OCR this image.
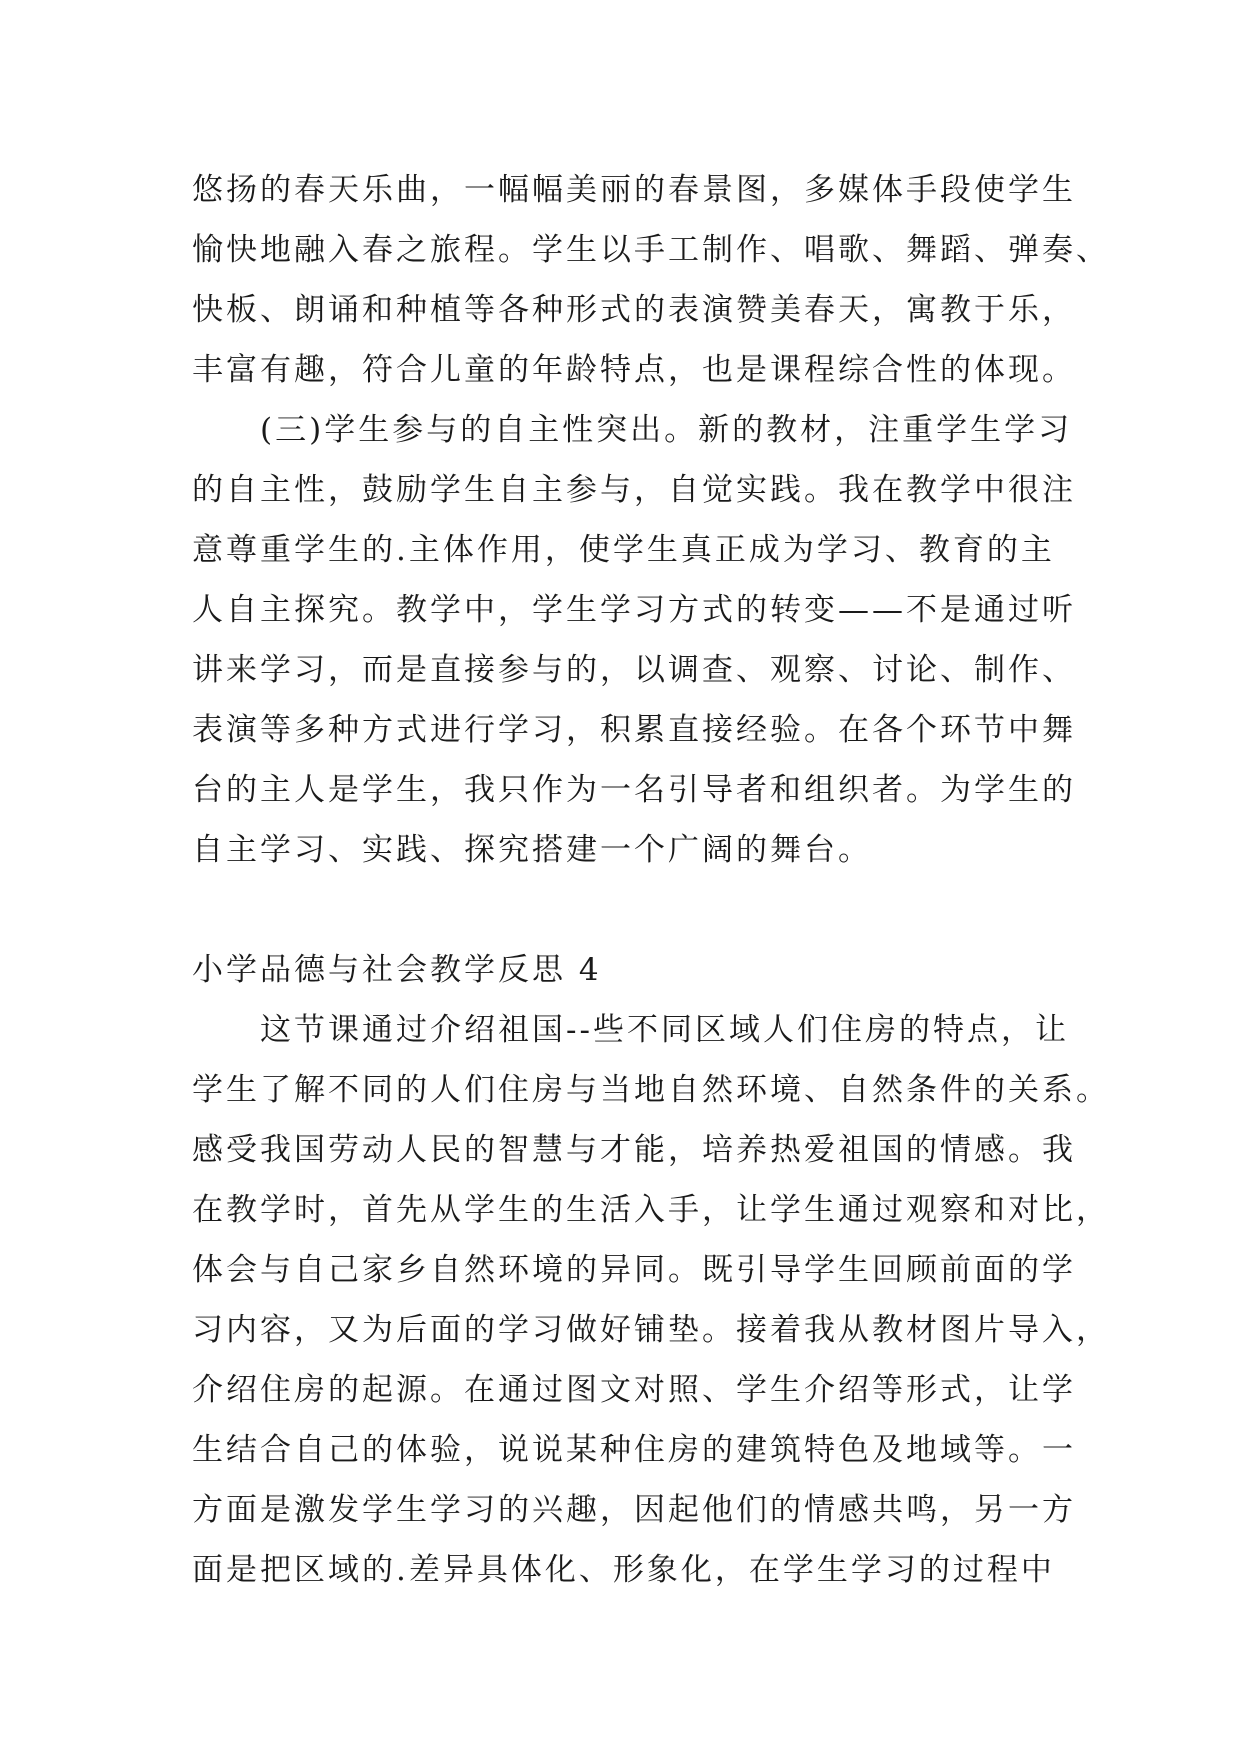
悠扬的春天乐曲，一幅幅美丽的春景图，多媒体手段使学生
愉快地融入春之旅程。学生以手工制作、唱歌、舞蹈、弹奏、
快板、朗诵和种植等各种形式的表演赞美春天，寓教于乐，
丰富有趣，符合儿童的年龄特点，也是课程综合性的体现。
　　(三)学生参与的自主性突出。新的教材，注重学生学习
的自主性，鼓励学生自主参与，自觉实践。我在教学中很注
意尊重学生的.主体作用，使学生真正成为学习、教育的主
人自主探究。教学中，学生学习方式的转变——不是通过听
讲来学习，而是直接参与的，以调查、观察、讨论、制作、
表演等多种方式进行学习，积累直接经验。在各个环节中舞
台的主人是学生，我只作为一名引导者和组织者。为学生的
自主学习、实践、探究搭建一个广阔的舞台。
小学品德与社会教学反思 4
　　这节课通过介绍祖国--些不同区域人们住房的特点，让
学生了解不同的人们住房与当地自然环境、自然条件的关系。
感受我国劳动人民的智慧与才能，培养热爱祖国的情感。我
在教学时，首先从学生的生活入手，让学生通过观察和对比，
体会与自己家乡自然环境的异同。既引导学生回顾前面的学
习内容，又为后面的学习做好铺垫。接着我从教材图片导入，
介绍住房的起源。在通过图文对照、学生介绍等形式，让学
生结合自己的体验，说说某种住房的建筑特色及地域等。一
方面是激发学生学习的兴趣，因起他们的情感共鸣，另一方
面是把区域的.差异具体化、形象化，在学生学习的过程中
